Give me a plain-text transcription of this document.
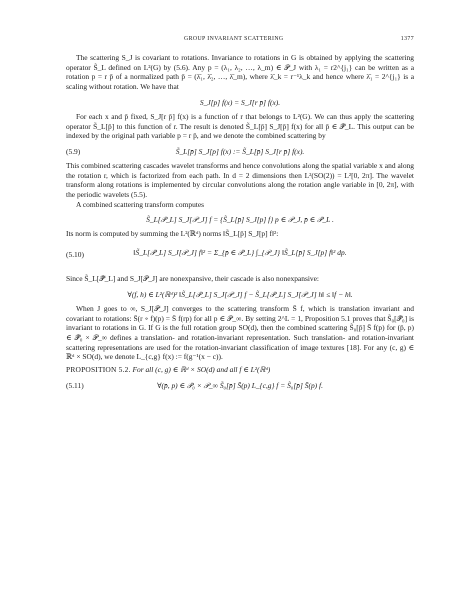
GROUP INVARIANT SCATTERING	1377

The scattering S_J is covariant to rotations. Invariance to rotations in G is obtained by applying the scattering operator S̃_L defined on L²(G) by (5.6). Any p = (λ₁, λ₂, …, λ_m) ∈ 𝒫_J with λ₁ = r2^{j₁} can be written as a rotation p = r p̄ of a normalized path p̄ = (λ̄₁, λ̄₂, …, λ̄_m), where λ̄_k = r⁻¹λ_k and hence where λ̄₁ = 2^{j₁} is a scaling without rotation. We have that

S_J[p] f(x) = S_J[r p̄] f(x).

For each x and p̄ fixed, S_J[r p̄] f(x) is a function of r that belongs to L²(G). We can thus apply the scattering operator S̃_L[p̄] to this function of r. The result is denoted S̃_L[p̄] S_J[p̄] f(x) for all p̄ ∈ 𝒫̄_L. This output can be indexed by the original path variable p = r p̄, and we denote the combined scattering by

(5.9)	S̃_L[p̄] S_J[p] f(x) := S̃_L[p̄] S_J[r p̄] f(x).

This combined scattering cascades wavelet transforms and hence convolutions along the spatial variable x and along the rotation r, which is factorized from each path. In d = 2 dimensions then L²(SO(2)) = L²[0, 2π]. The wavelet transform along rotations is implemented by circular convolutions along the rotation angle variable in [0, 2π], with the periodic wavelets (5.5).

A combined scattering transform computes

S̃_L[𝒫̄_L] S_J[𝒫_J] f = {S̃_L[p̄] S_J[p] f} p ∈ 𝒫_J, p̄ ∈ 𝒫̄_L .

Its norm is computed by summing the L²(ℝᵈ) norms ‖S̃_L[p̄] S_J[p] f‖²:

(5.10)	‖S̃_L[𝒫̄_L] S_J[𝒫_J] f‖² = Σ_{p̄ ∈ 𝒫̄_L} ∫_{𝒫_J} ‖S̃_L[p̄] S_J[p] f‖² dp.

Since S̃_L[𝒫̄_L] and S_J[𝒫_J] are nonexpansive, their cascade is also nonexpansive:

∀(f, h) ∈ L²(ℝᵈ)² ‖S̃_L[𝒫̄_L] S_J[𝒫_J] f − S̃_L[𝒫̄_L] S_J[𝒫_J] h‖ ≤ ‖f − h‖.

When J goes to ∞, S_J[𝒫_J] converges to the scattering transform S̄ f, which is translation invariant and covariant to rotations: S̄(r ∘ f)(p) = S̄ f(rp) for all p ∈ 𝒫_∞. By setting 2^L = 1, Proposition 5.1 proves that S̃₀[𝒫̄₀] is invariant to rotations in G. If G is the full rotation group SO(d), then the combined scattering S̃₀[p̄] S̄ f(p) for (p̄, p) ∈ 𝒫̄₀ × 𝒫_∞ defines a translation- and rotation-invariant representation. Such translation- and rotation-invariant scattering representations are used for the rotation-invariant classification of image textures [18]. For any (c, g) ∈ ℝᵈ × SO(d), we denote L_{c,g} f(x) := f(g⁻¹(x − c)).

PROPOSITION 5.2. For all (c, g) ∈ ℝᵈ × SO(d) and all f ∈ L²(ℝᵈ)

(5.11)	∀(p̄, p) ∈ 𝒫̄₀ × 𝒫_∞ S̃₀[p̄] S̄(p) L_{c,g} f = S̃₀[p̄] S̄(p) f.
